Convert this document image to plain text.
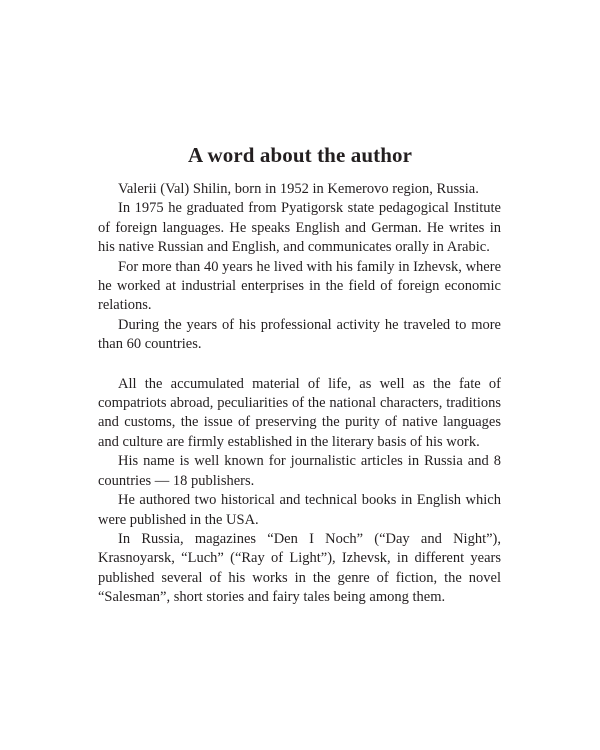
A word about the author

Valerii (Val) Shilin, born in 1952 in Kemerovo region, Russia.

In 1975 he graduated from Pyatigorsk state pedagogical Institute of foreign languages. He speaks English and German. He writes in his native Russian and English, and communicates orally in Arabic.

For more than 40 years he lived with his family in Izhevsk, where he worked at industrial enterprises in the field of foreign economic relations.

During the years of his professional activity he traveled to more than 60 countries.

All the accumulated material of life, as well as the fate of compatriots abroad, peculiarities of the national characters, traditions and customs, the issue of preserving the purity of native languages and culture are firmly established in the literary basis of his work.

His name is well known for journalistic articles in Russia and 8 countries — 18 publishers.

He authored two historical and technical books in English which were published in the USA.

In Russia, magazines “Den I Noch” (“Day and Night”), Krasnoyarsk, “Luch” (“Ray of Light”), Izhevsk, in different years published several of his works in the genre of fiction, the novel “Salesman”, short stories and fairy tales being among them.
